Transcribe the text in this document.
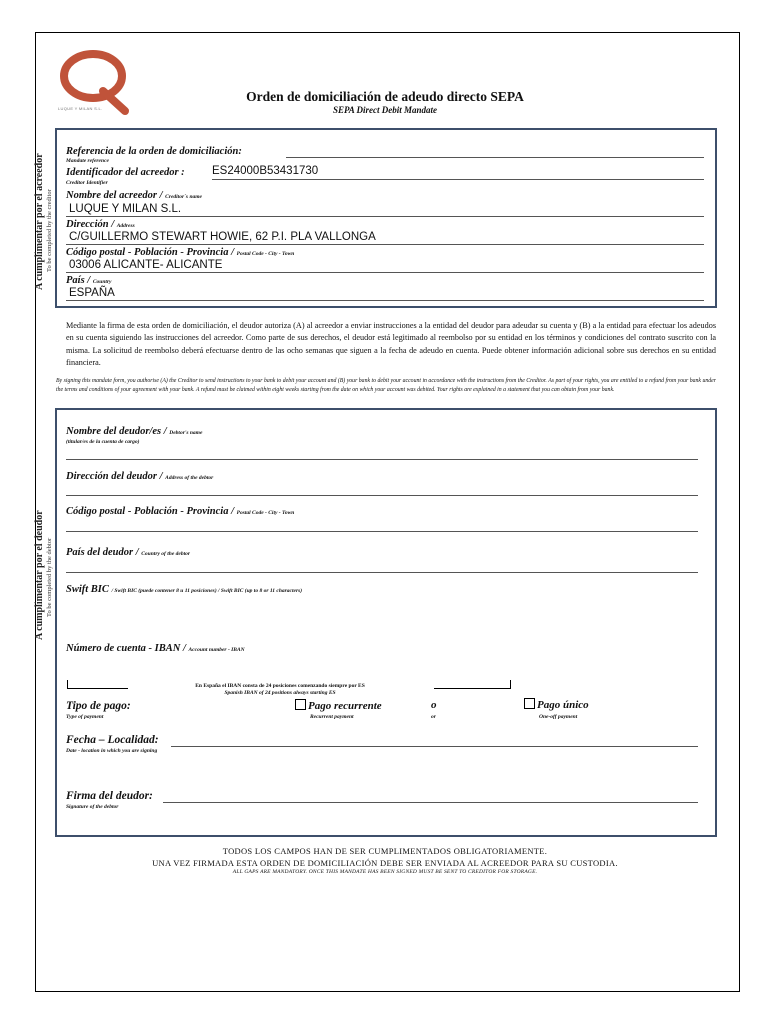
LUQUE Y MILAN S.L.
Orden de domiciliación de adeudo directo SEPA
SEPA Direct Debit Mandate
A cumplimentar por el acreedor To be completed by the creditor
Referencia de la orden de domiciliación:
Mandate reference
Identificador del acreedor : ES24000B53431730
Creditor Identifier
Nombre del acreedor / Creditor´s name
LUQUE Y MILAN S.L.
Dirección / Address
C/GUILLERMO STEWART HOWIE, 62 P.I. PLA VALLONGA
Código postal - Población - Provincia / Postal Code - City - Town
03006 ALICANTE- ALICANTE
País / Country
ESPAÑA
Mediante la firma de esta orden de domiciliación, el deudor autoriza (A) al acreedor a enviar instrucciones a la entidad del deudor para adeudar su cuenta y (B) a la entidad para efectuar los adeudos en su cuenta siguiendo las instrucciones del acreedor. Como parte de sus derechos, el deudor está legitimado al reembolso por su entidad en los términos y condiciones del contrato suscrito con la misma. La solicitud de reembolso deberá efectuarse dentro de las ocho semanas que siguen a la fecha de adeudo en cuenta. Puede obtener información adicional sobre sus derechos en su entidad financiera.
By signing this mandate form, you authorise (A) the Creditor to send instructions to your bank to debit your account and (B) your bank to debit your account in accordance with the instructions from the Creditor. As part of your rights, you are entitled to a refund from your bank under the terms and conditions of your agreement with your bank. A refund must be claimed within eight weeks starting from the date on which your account was debited. Your rights are explained in a statement that you can obtain from your bank.
A cumplimentar por el deudor To be completed by the debtor
Nombre del deudor/es / Debtor's name
(titular/es de la cuenta de cargo)
Dirección del deudor / Address of the debtor
Código postal - Población - Provincia / Postal Code - City - Town
País del deudor / Country of the debtor
Swift BIC / Swift BIC (puede contener 8 u 11 posiciones) / Swift BIC (up to 8 or 11 characters)
Número de cuenta - IBAN / Account number - IBAN
En España el IBAN consta de 24 posiciones comenzando siempre por ES
Spanish IBAN of 24 positions always starting ES
Tipo de pago:
Type of payment
Pago recurrente
Recurrent payment
o
or
Pago único
One-off payment
Fecha – Localidad:
Date - location in which you are signing
Firma del deudor:
Signature of the debtor
TODOS LOS CAMPOS HAN DE SER CUMPLIMENTADOS OBLIGATORIAMENTE.
UNA VEZ FIRMADA ESTA ORDEN DE DOMICILIACIÓN DEBE SER ENVIADA AL ACREEDOR PARA SU CUSTODIA.
ALL GAPS ARE MANDATORY. ONCE THIS MANDATE HAS BEEN SIGNED MUST BE SENT TO CREDITOR FOR STORAGE.
